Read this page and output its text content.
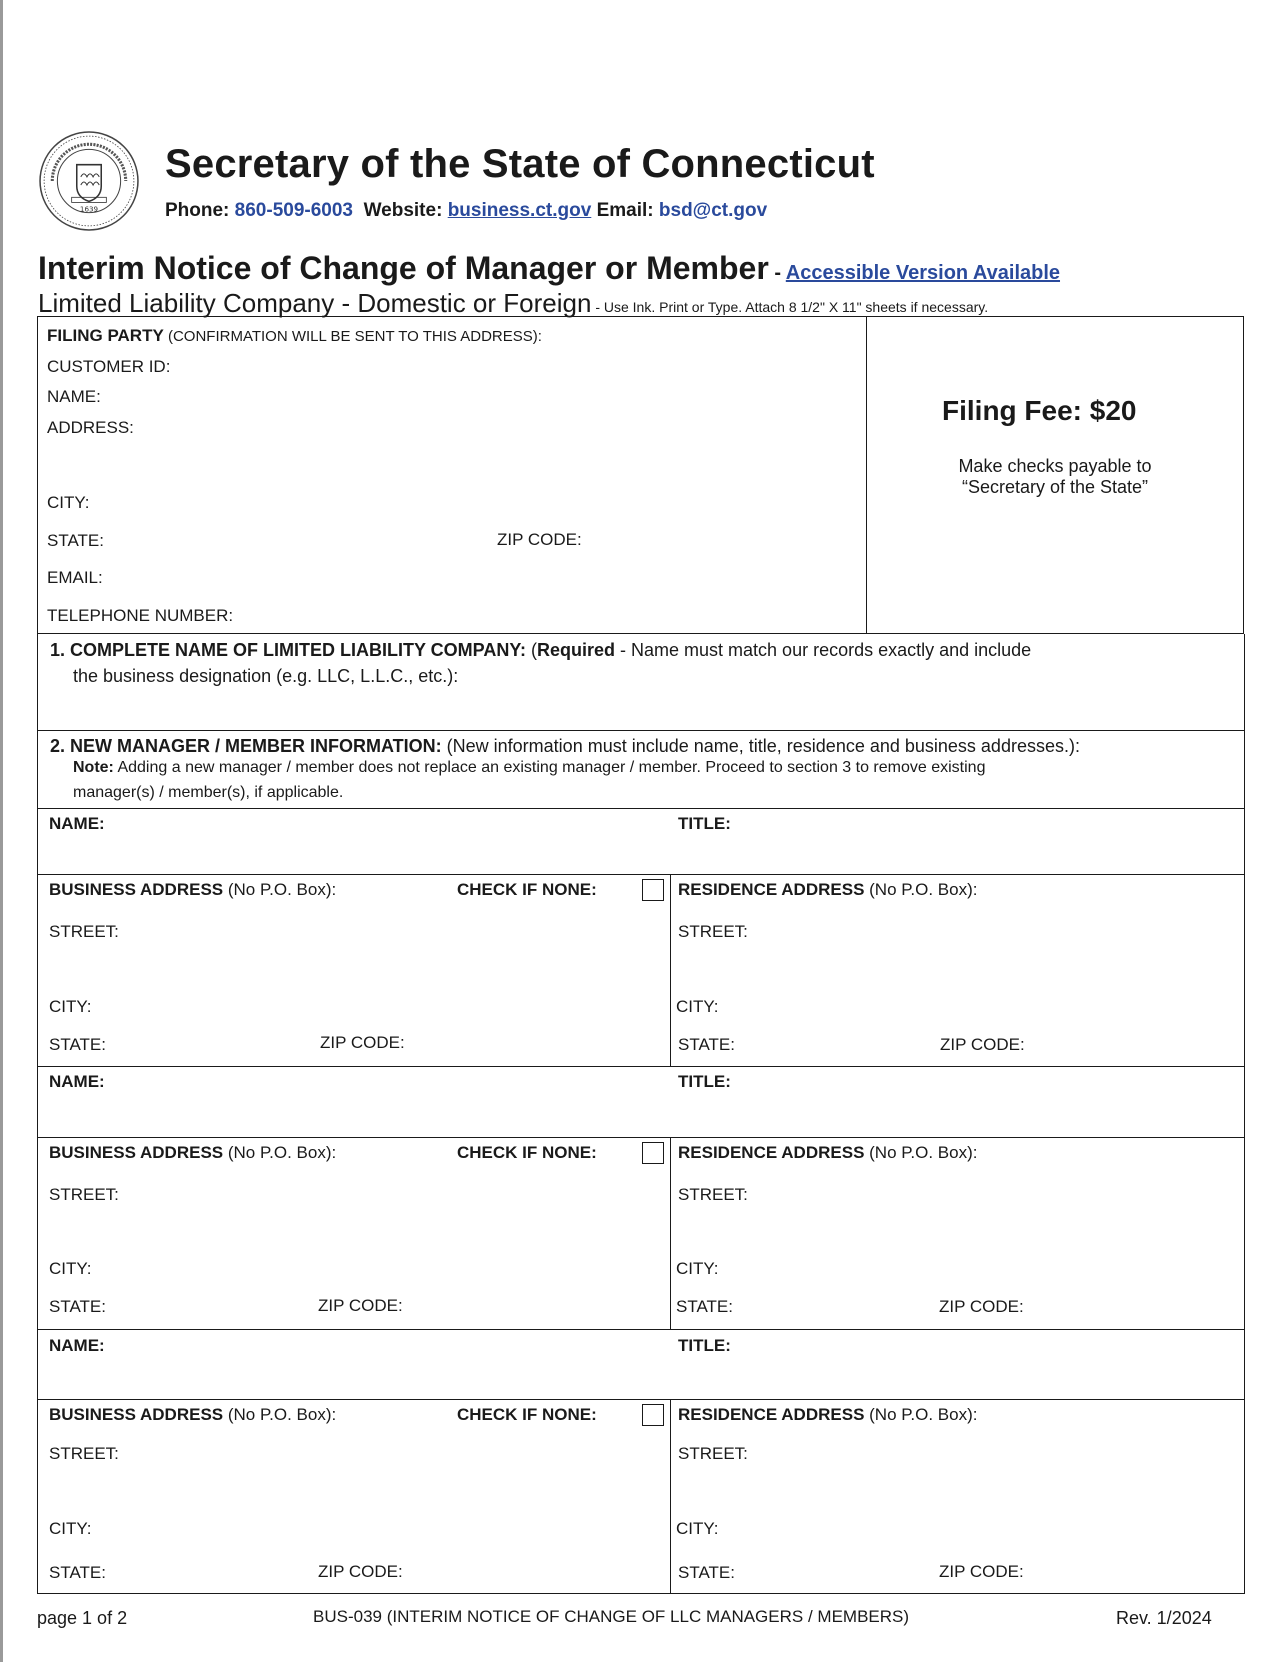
1639
Secretary of the State of Connecticut
Phone: 860-509-6003 Website: business.ct.gov Email: bsd@ct.gov
Interim Notice of Change of Manager or Member - Accessible Version Available
Limited Liability Company - Domestic or Foreign - Use Ink. Print or Type. Attach 8 1/2" X 11" sheets if necessary.
FILING PARTY (CONFIRMATION WILL BE SENT TO THIS ADDRESS):
CUSTOMER ID:
NAME:
ADDRESS:
CITY:
STATE:	ZIP CODE:
EMAIL:
TELEPHONE NUMBER:
Filing Fee: $20
Make checks payable to
“Secretary of the State”
1. COMPLETE NAME OF LIMITED LIABILITY COMPANY: (Required - Name must match our records exactly and include
the business designation (e.g. LLC, L.L.C., etc.):
2. NEW MANAGER / MEMBER INFORMATION: (New information must include name, title, residence and business addresses.):
Note: Adding a new manager / member does not replace an existing manager / member. Proceed to section 3 to remove existing
manager(s) / member(s), if applicable.
NAME:	TITLE:
BUSINESS ADDRESS (No P.O. Box):	CHECK IF NONE:	RESIDENCE ADDRESS (No P.O. Box):
STREET:	STREET:
CITY:	CITY:
STATE:	ZIP CODE:	STATE:	ZIP CODE:
NAME:	TITLE:
BUSINESS ADDRESS (No P.O. Box):	CHECK IF NONE:	RESIDENCE ADDRESS (No P.O. Box):
STREET:	STREET:
CITY:	CITY:
STATE:	ZIP CODE:	STATE:	ZIP CODE:
NAME:	TITLE:
BUSINESS ADDRESS (No P.O. Box):	CHECK IF NONE:	RESIDENCE ADDRESS (No P.O. Box):
STREET:	STREET:
CITY:	CITY:
STATE:	ZIP CODE:	STATE:	ZIP CODE:
page 1 of 2	BUS-039 (INTERIM NOTICE OF CHANGE OF LLC MANAGERS / MEMBERS)	Rev. 1/2024
